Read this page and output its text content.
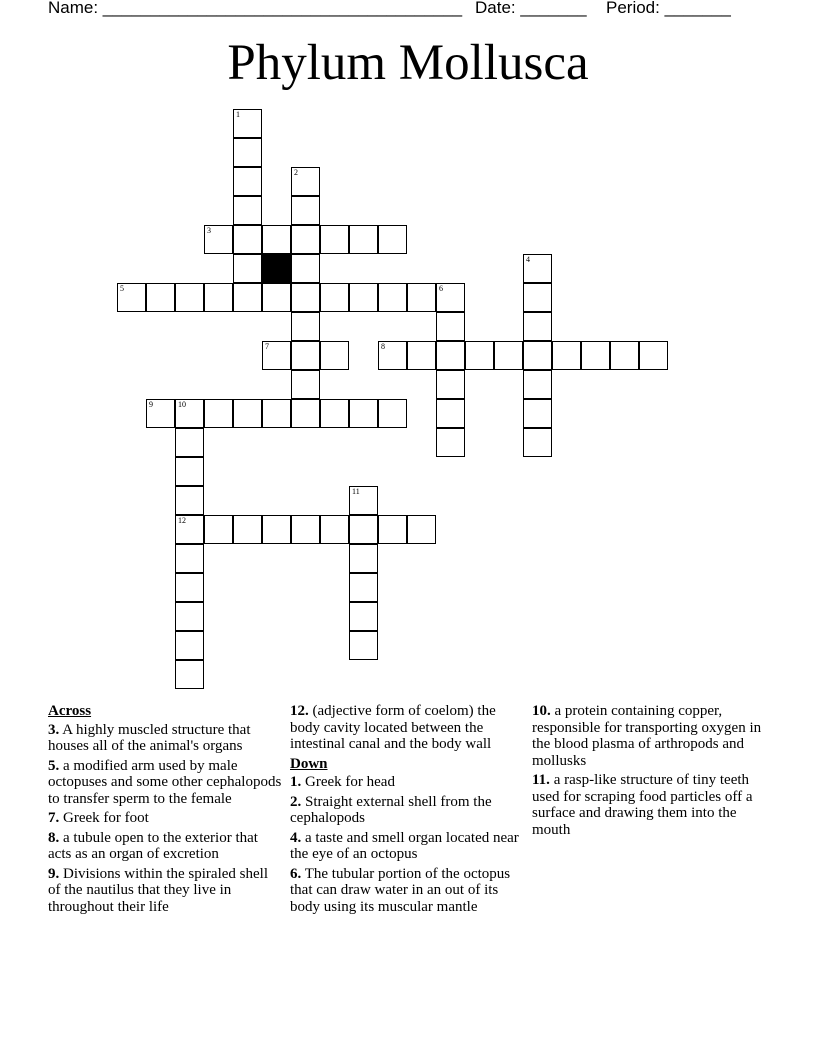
Name: ______________________________________ Date: _______ Period: _______
Phylum Mollusca
1
2
3
4
5	6
7	8
9	10
11
12
Across
3. A highly muscled structure that houses all of the animal's organs
5. a modified arm used by male octopuses and some other cephalopods to transfer sperm to the female
7. Greek for foot
8. a tubule open to the exterior that acts as an organ of excretion
9. Divisions within the spiraled shell of the nautilus that they live in throughout their life
12. (adjective form of coelom) the body cavity located between the intestinal canal and the body wall
Down
1. Greek for head
2. Straight external shell from the cephalopods
4. a taste and smell organ located near the eye of an octopus
6. The tubular portion of the octopus that can draw water in an out of its body using its muscular mantle
10. a protein containing copper, responsible for transporting oxygen in the blood plasma of arthropods and mollusks
11. a rasp-like structure of tiny teeth used for scraping food particles off a surface and drawing them into the mouth
